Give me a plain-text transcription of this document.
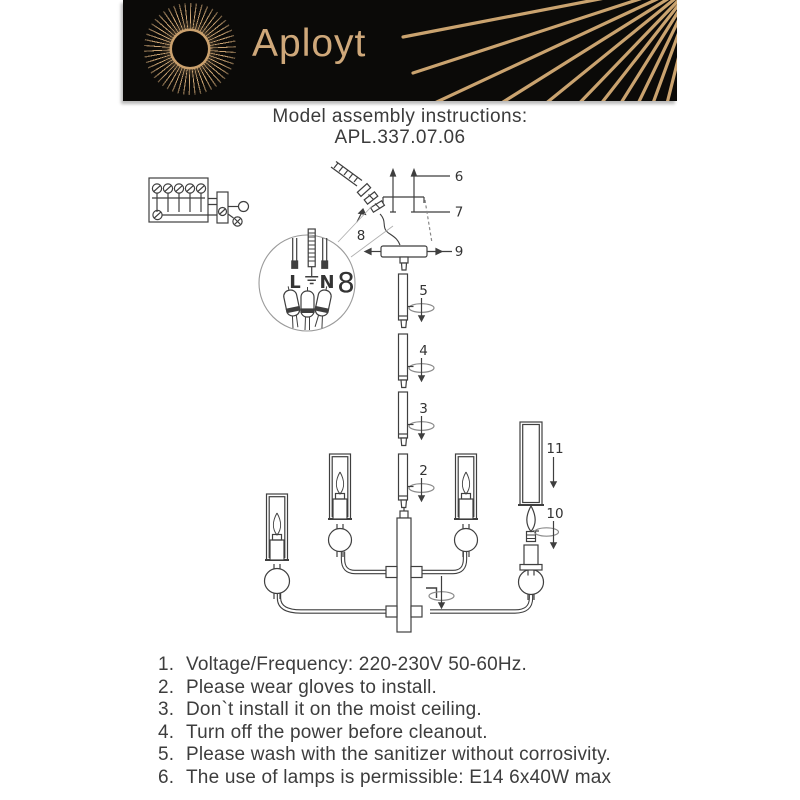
Aployt
Model assembly instructions:
APL.337.07.06
6
7
8
9
5
4
3
2
11
10
L N 8
1. Voltage/Frequency: 220-230V 50-60Hz.
2. Please wear gloves to install.
3. Don`t install it on the moist ceiling.
4. Turn off the power before cleanout.
5. Please wash with the sanitizer without corrosivity.
6. The use of lamps is permissible: E14 6x40W max
